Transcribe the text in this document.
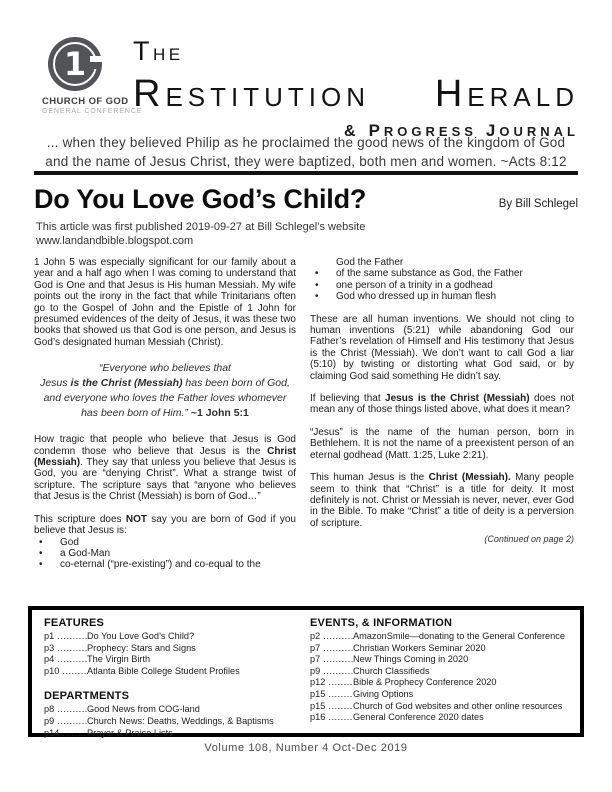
1
CHURCH OF GOD
GENERAL CONFERENCE
THE
RESTITUTION HERALD
& PROGRESS JOURNAL
... when they believed Philip as he proclaimed the good news of the kingdom of God and the name of Jesus Christ, they were baptized, both men and women. ~Acts 8:12
Do You Love God’s Child?	By Bill Schlegel
This article was first published 2019-09-27 at Bill Schlegel’s website
www.landandbible.blogspot.com

1 John 5 was especially significant for our family about a year and a half ago when I was coming to understand that God is One and that Jesus is His human Messiah. My wife points out the irony in the fact that while Trinitarians often go to the Gospel of John and the Epistle of 1 John for presumed evidences of the deity of Jesus, it was these two books that showed us that God is one person, and Jesus is God’s designated human Messiah (Christ).

“Everyone who believes that
Jesus is the Christ (Messiah) has been born of God,
and everyone who loves the Father loves whomever
has been born of Him.” ~1 John 5:1

How tragic that people who believe that Jesus is God condemn those who believe that Jesus is the Christ (Messiah). They say that unless you believe that Jesus is God, you are “denying Christ”. What a strange twist of scripture. The scripture says that “anyone who believes that Jesus is the Christ (Messiah) is born of God…”

This scripture does NOT say you are born of God if you believe that Jesus is:

• God
• a God-Man
• co-eternal (“pre-existing”) and co-equal to the
God the Father
• of the same substance as God, the Father
• one person of a trinity in a godhead
• God who dressed up in human flesh

These are all human inventions. We should not cling to human inventions (5:21) while abandoning God our Father’s revelation of Himself and His testimony that Jesus is the Christ (Messiah). We don’t want to call God a liar (5:10) by twisting or distorting what God said, or by claiming God said something He didn’t say.

If believing that Jesus is the Christ (Messiah) does not mean any of those things listed above, what does it mean?

“Jesus” is the name of the human person, born in Bethlehem. It is not the name of a preexistent person of an eternal godhead (Matt. 1:25, Luke 2:21).

This human Jesus is the Christ (Messiah). Many people seem to think that “Christ” is a title for deity. It most definitely is not. Christ or Messiah is never, never, ever God in the Bible. To make “Christ” a title of deity is a perversion of scripture.

(Continued on page 2)
FEATURES
p1 .....	Do You Love God’s Child?
p3 .....	Prophecy: Stars and Signs
p4 .....	The Virgin Birth
p10 .....	Atlanta Bible College Student Profiles
DEPARTMENTS
p8 .....	Good News from COG-land
p9 .....	Church News: Deaths, Weddings, & Baptisms
p14 .....	Prayer & Praise Lists
EVENTS, & INFORMATION
p2 .....	AmazonSmile—donating to the General Conference
p7 .....	Christian Workers Seminar 2020
p7 .....	New Things Coming in 2020
p9 .....	Church Classifieds
p12 .....	Bible & Prophecy Conference 2020
p15 .....	Giving Options
p15 .....	Church of God websites and other online resources
p16 .....	General Conference 2020 dates
Volume 108, Number 4 Oct-Dec 2019
